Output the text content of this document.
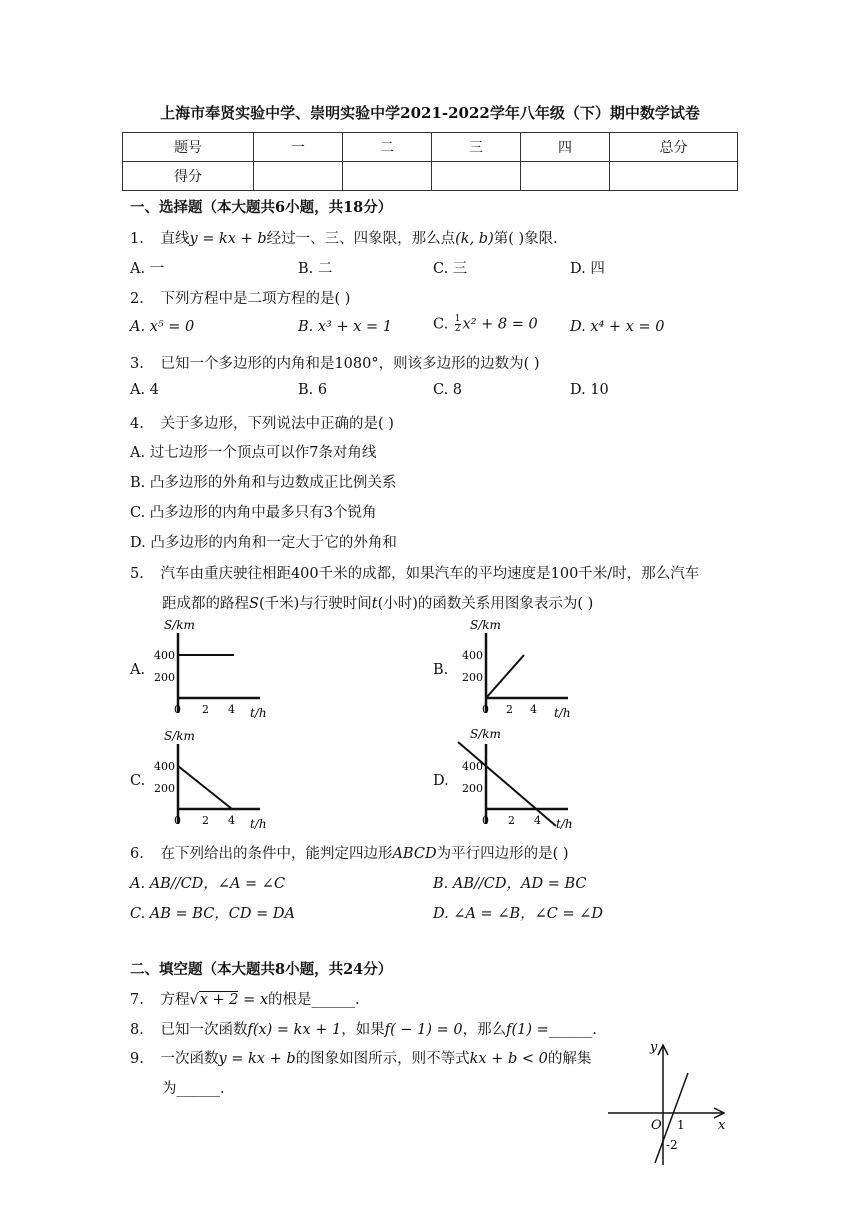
上海市奉贤实验中学、崇明实验中学2021-2022学年八年级（下）期中数学试卷
题号	一	二	三	四	总分
得分					
一、选择题（本大题共6小题，共18分）
1. 直线y = kx + b经过一、三、四象限，那么点(k, b)第( )象限.
A. 一	B. 二	C. 三	D. 四
2. 下列方程中是二项方程的是( )
A. x⁵ = 0	B. x³ + x = 1	C. $\frac{1}{2} x^2 + 8 = 0$ D. x⁴ + x = 0
3. 已知一个多边形的内角和是1080°，则该多边形的边数为( )
A. 4	B. 6	C. 8	D. 10
4. 关于多边形，下列说法中正确的是( )
A. 过七边形一个顶点可以作7条对角线
B. 凸多边形的外角和与边数成正比例关系
C. 凸多边形的内角中最多只有3个锐角
D. 凸多边形的内角和一定大于它的外角和
5. 汽车由重庆驶往相距400千米的成都，如果汽车的平均速度是100千米/时，那么汽车
距成都的路程S(千米)与行驶时间t(小时)的函数关系用图象表示为( )
A.	B.
C.	D.
S/km
400
200
0 2 4 t/h
S/km
400
200
0 2 4 t/h
S/km
400
200
0 2 4 t/h
S/km
400
200
0 2 4 t/h
6. 在下列给出的条件中，能判定四边形ABCD为平行四边形的是( )
A. AB//CD，∠A = ∠C	B. AB//CD，AD = BC
C. AB = BC，CD = DA	D. ∠A = ∠B，∠C = ∠D
二、填空题（本大题共8小题，共24分）
7. 方程√x + 2 = x的根是______.
8. 已知一次函数f(x) = kx + 1，如果f( − 1) = 0，那么f(1) =______.
9. 一次函数y = kx + b的图象如图所示，则不等式kx + b < 0的解集
为______.
y
x
O 1
-2
